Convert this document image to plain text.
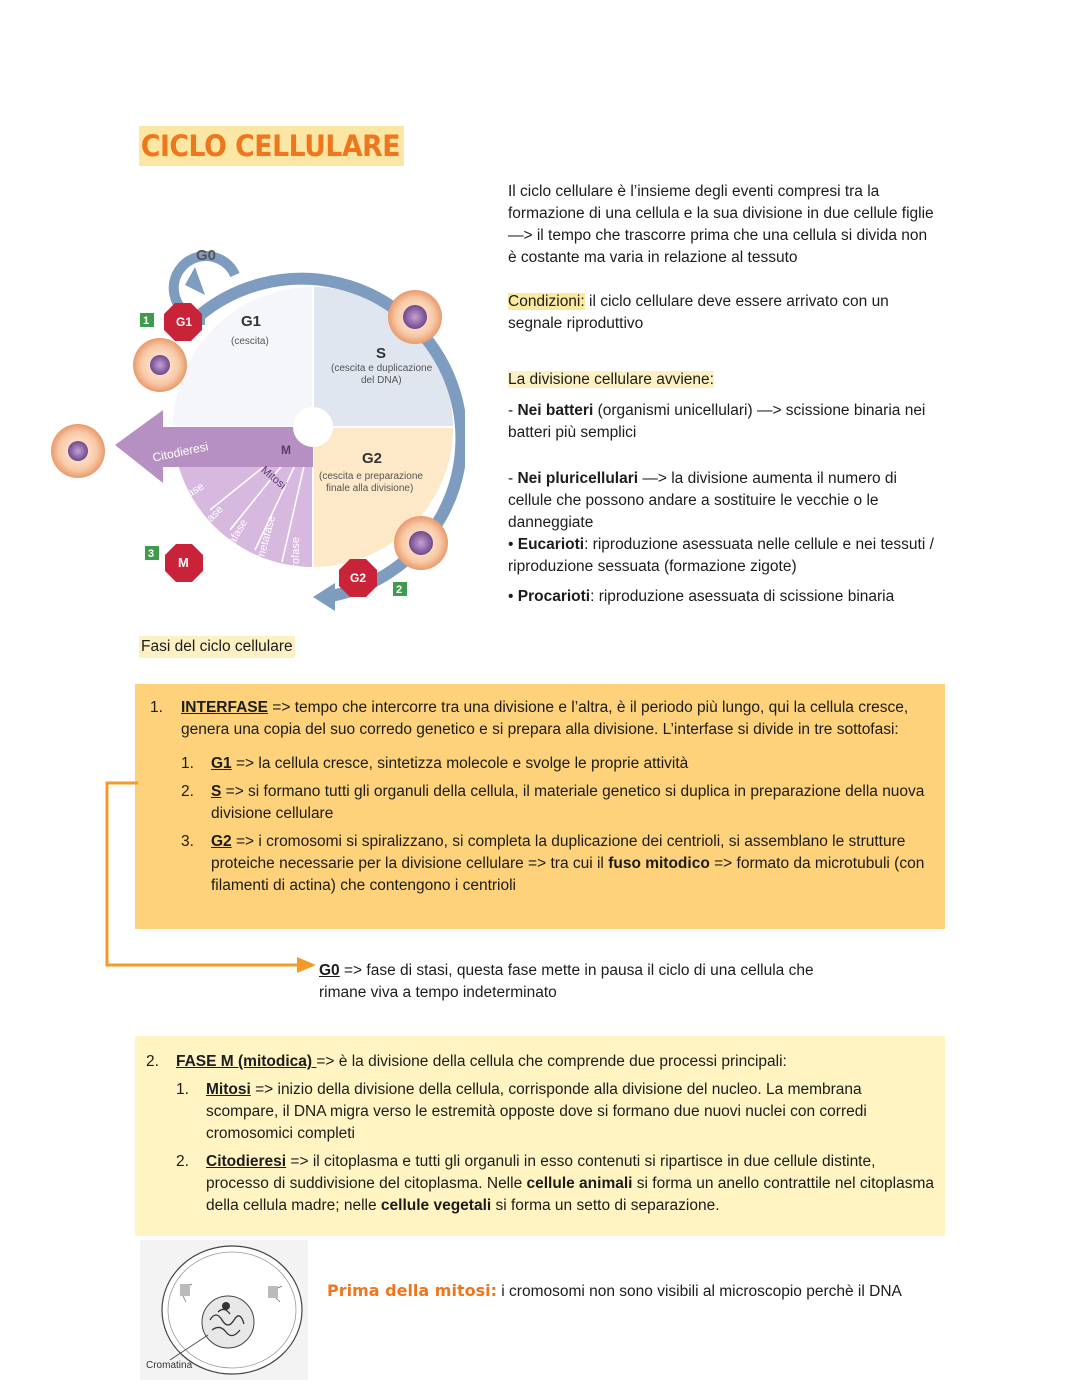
CICLO CELLULARE
G0
Interfase
G1
(cescita)
S
(cescita e duplicazione
del DNA)
G2
(cescita e preparazione
finale alla divisione)
M
Mitosi
Citodieresi
Telofase
Anafase
Metafase Prometafase	Profase
G1
G2
M
1
2
3

Il ciclo cellulare è l’insieme degli eventi compresi tra la formazione di una cellula e la sua divisione in due cellule figlie —> il tempo che trascorre prima che una cellula si divida non è costante ma varia in relazione al tessuto

Condizioni: il ciclo cellulare deve essere arrivato con un segnale riproduttivo

La divisione cellulare avviene:

- Nei batteri (organismi unicellulari) —> scissione binaria nei batteri più semplici

- Nei pluricellulari —> la divisione aumenta il numero di cellule che possono andare a sostituire le vecchie o le danneggiate

• Eucarioti: riproduzione asessuata nelle cellule e nei tessuti / riproduzione sessuata (formazione zigote)

• Procarioti: riproduzione asessuata di scissione binaria

Fasi del ciclo cellulare
1. INTERFASE => tempo che intercorre tra una divisione e l’altra, è il periodo più lungo, qui la cellula cresce, genera una copia del suo corredo genetico e si prepara alla divisione. L’interfase si divide in tre sottofasi:

1. G1 => la cellula cresce, sintetizza molecole e svolge le proprie attività
2. S => si formano tutti gli organuli della cellula, il materiale genetico si duplica in preparazione della nuova divisione cellulare
3. G2 => i cromosomi si spiralizzano, si completa la duplicazione dei centrioli, si assemblano le strutture proteiche necessarie per la divisione cellulare => tra cui il fuso mitodico => formato da microtubuli (con filamenti di actina) che contengono i centrioli
G0 => fase di stasi, questa fase mette in pausa il ciclo di una cellula che rimane viva a tempo indeterminato
2. FASE M (mitodica) => è la divisione della cellula che comprende due processi principali:

1. Mitosi => inizio della divisione della cellula, corrisponde alla divisione del nucleo. La membrana scompare, il DNA migra verso le estremità opposte dove si formano due nuovi nuclei con corredi cromosomici completi
2. Citodieresi => il citoplasma e tutti gli organuli in esso contenuti si ripartisce in due cellule distinte, processo di suddivisione del citoplasma. Nelle cellule animali si forma un anello contrattile nel citoplasma della cellula madre; nelle cellule vegetali si forma un setto di separazione.
Cromatina
Prima della mitosi: i cromosomi non sono visibili al microscopio perchè il DNA
